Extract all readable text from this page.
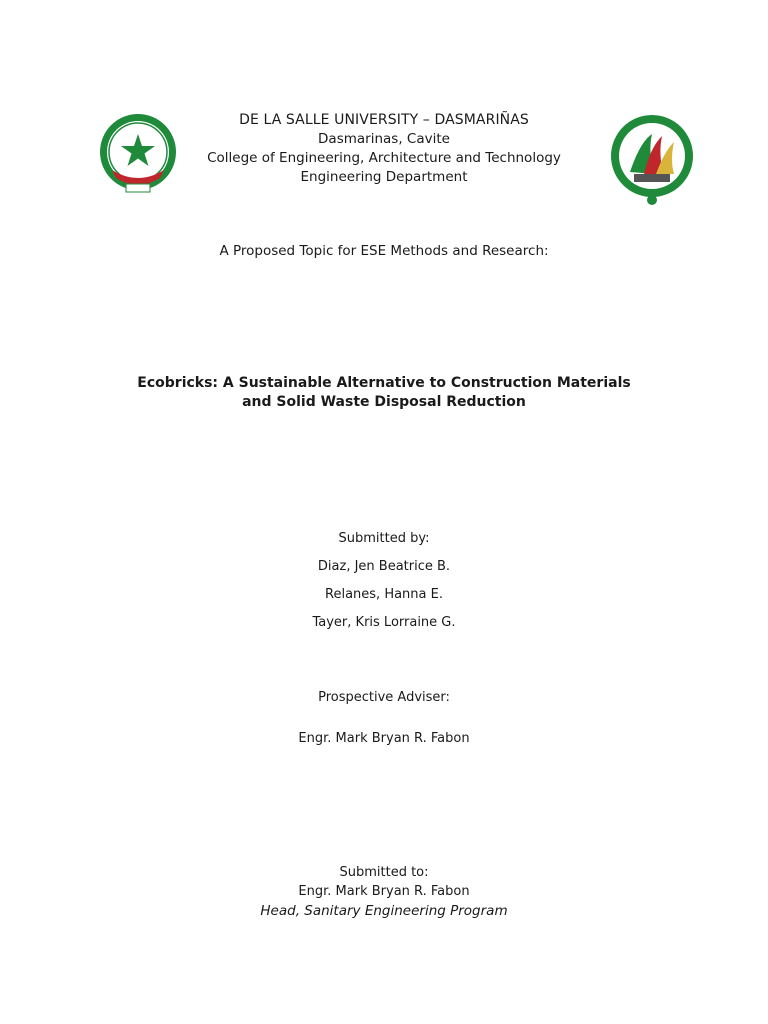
DE LA SALLE UNIVERSITY – DASMARIÑAS
Dasmarinas, Cavite
College of Engineering, Architecture and Technology
Engineering Department
A Proposed Topic for ESE Methods and Research:
Ecobricks: A Sustainable Alternative to Construction Materials
and Solid Waste Disposal Reduction
Submitted by:
Diaz, Jen Beatrice B.
Relanes, Hanna E.
Tayer, Kris Lorraine G.
Prospective Adviser:
Engr. Mark Bryan R. Fabon
Submitted to:
Engr. Mark Bryan R. Fabon
Head, Sanitary Engineering Program
